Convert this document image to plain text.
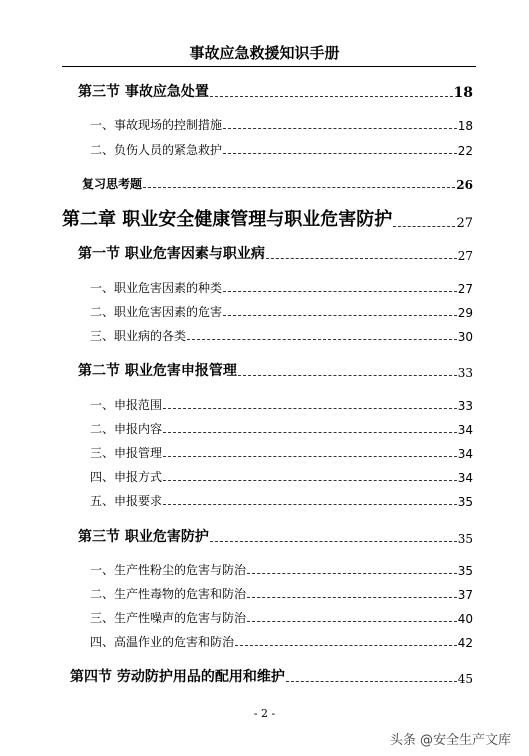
事故应急救援知识手册
第三节 事故应急处置	18
一、事故现场的控制措施	18
二、负伤人员的紧急救护	22
复习思考题	26
第二章 职业安全健康管理与职业危害防护	27
第一节 职业危害因素与职业病	27
一、职业危害因素的种类	27
二、职业危害因素的危害	29
三、职业病的各类	30
第二节 职业危害申报管理	33
一、申报范围	33
二、申报内容	34
三、申报管理	34
四、申报方式	34
五、申报要求	35
第三节 职业危害防护	35
一、生产性粉尘的危害与防治	35
二、生产性毒物的危害和防治	37
三、生产性噪声的危害与防治	40
四、高温作业的危害和防治	42
第四节 劳动防护用品的配用和维护	45
- 2 -
头条 @安全生产文库
